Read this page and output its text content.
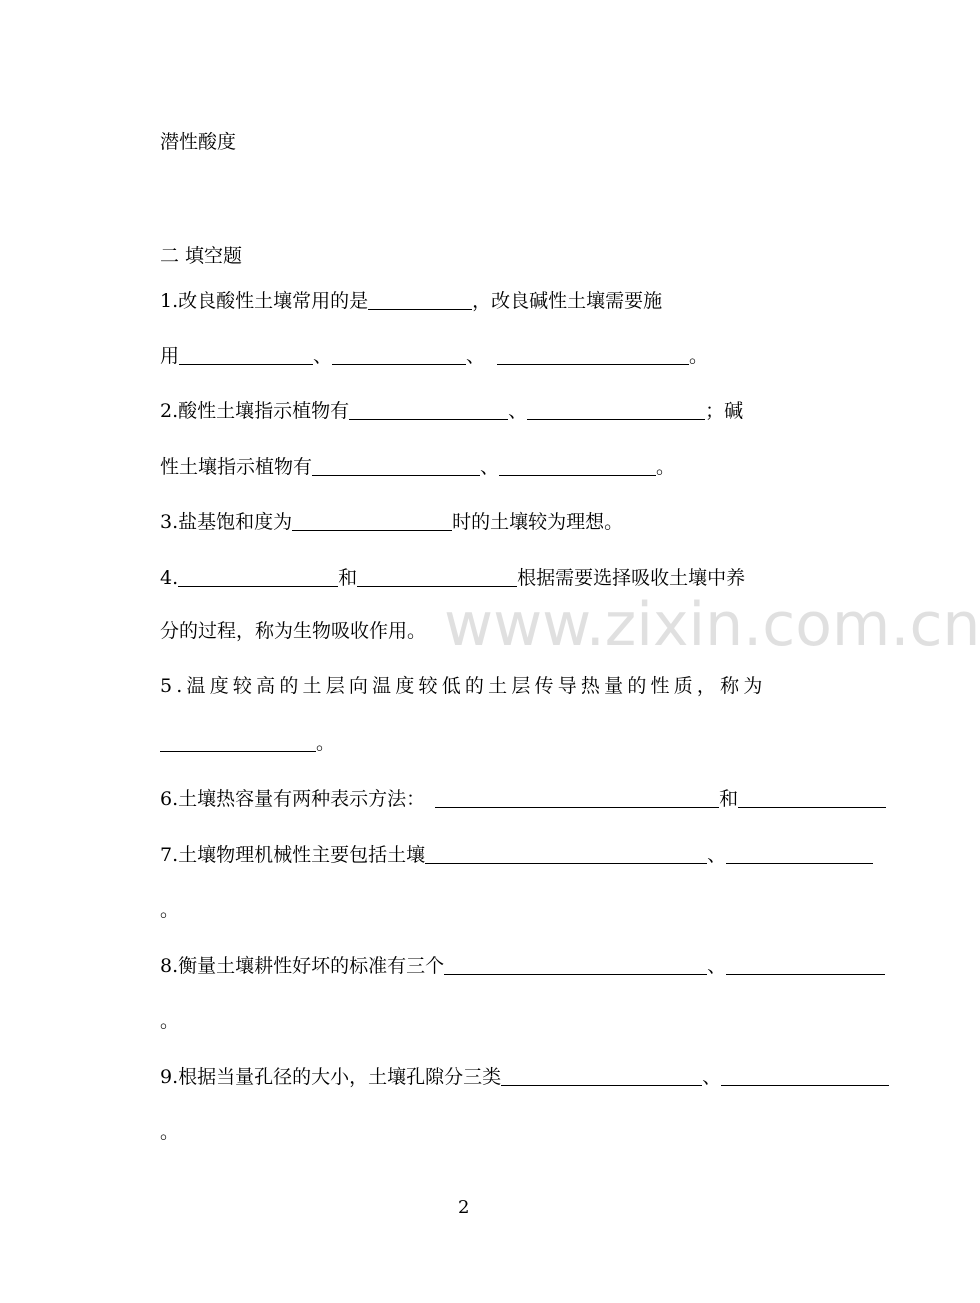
潜性酸度

二 填空题

1.改良酸性土壤常用的是	，改良碱性土壤需要施

用	、	、	。

2.酸性土壤指示植物有	、	；碱

性土壤指示植物有	、	。

3.盐基饱和度为	时的土壤较为理想。

4.	和	根据需要选择吸收土壤中养

分的过程，称为生物吸收作用。

5.温度较高的土层向温度较低的土层传导热量的性质，称为

。

6.土壤热容量有两种表示方法：	和

7.土壤物理机械性主要包括土壤	、

。

8.衡量土壤耕性好坏的标准有三个	、

。

9.根据当量孔径的大小，土壤孔隙分三类	、

。

www.zixin.com.cn

2
